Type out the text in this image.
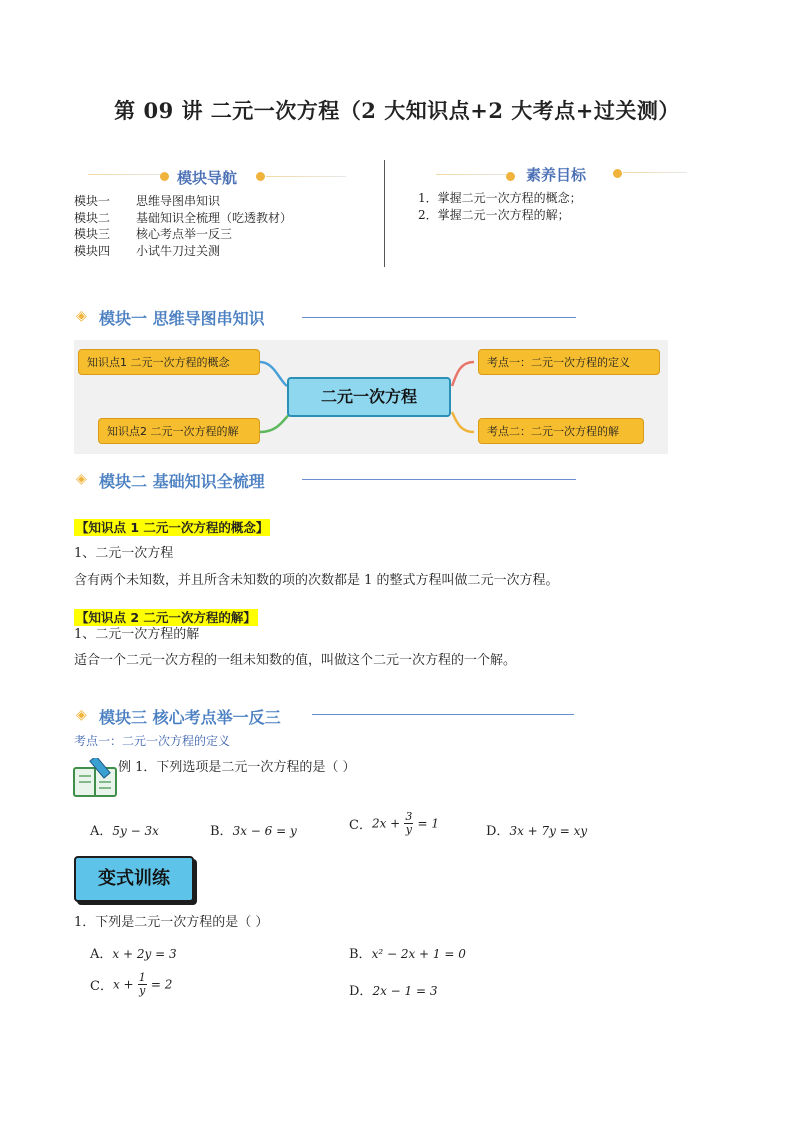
第 09 讲 二元一次方程（2 大知识点+2 大考点+过关测）
模块导航
模块一 思维导图串知识
模块二 基础知识全梳理（吃透教材）
模块三 核心考点举一反三
模块四 小试牛刀过关测
素养目标
1．掌握二元一次方程的概念；
2．掌握二元一次方程的解；
◈ 模块一 思维导图串知识
知识点1 二元一次方程的概念
知识点2 二元一次方程的解
考点一：二元一次方程的定义
考点二：二元一次方程的解
二元一次方程
◈ 模块二 基础知识全梳理
【知识点 1 二元一次方程的概念】
1、二元一次方程
含有两个未知数，并且所含未知数的项的次数都是 1 的整式方程叫做二元一次方程。
【知识点 2 二元一次方程的解】
1、二元一次方程的解
适合一个二元一次方程的一组未知数的值，叫做这个二元一次方程的一个解。
◈ 模块三 核心考点举一反三
考点一：二元一次方程的定义
例 1．下列选项是二元一次方程的是（ ）
A．5y − 3x	B．3x − 6 = y	C．$2x + \frac{3}{y} = 1$
D．3x + 7y = xy
变式训练
1．下列是二元一次方程的是（ ）
A．x + 2y = 3	B．x² − 2x + 1 = 0
C．$x + \frac{1}{y} = 2$	D．2x − 1 = 3
